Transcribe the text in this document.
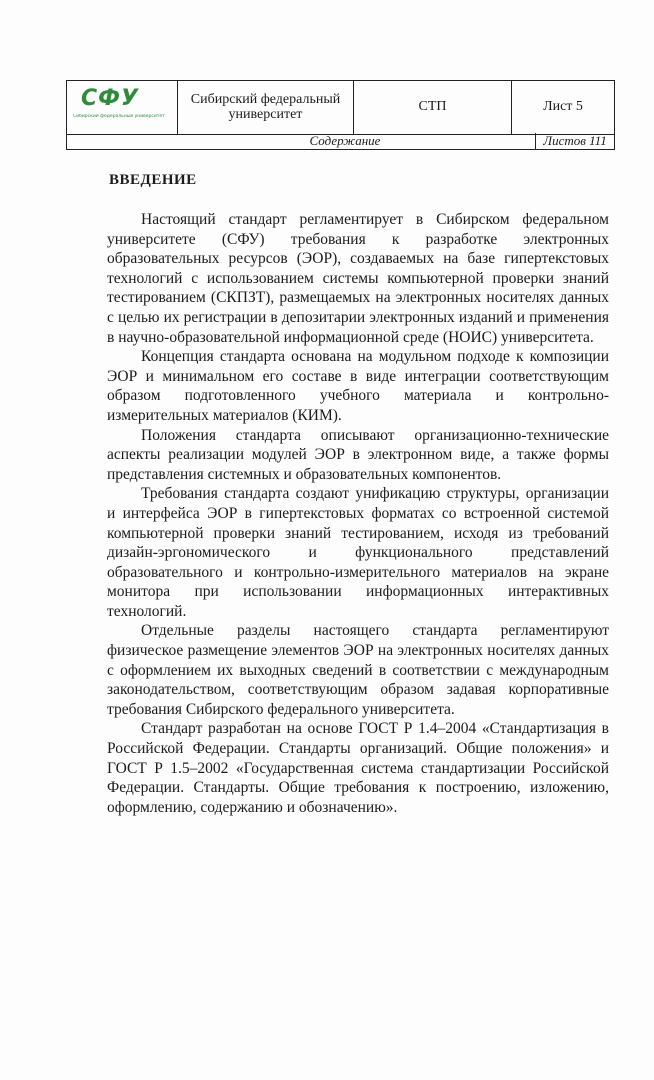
СФУ
Сибирский федеральный университет
Сибирский федеральный университет
СТП	Лист 5
Содержание	Листов 111
ВВЕДЕНИЕ

Настоящий стандарт регламентирует в Сибирском федеральном университете (СФУ) требования к разработке электронных образовательных ресурсов (ЭОР), создаваемых на базе гипертекстовых технологий с использованием системы компьютерной проверки знаний тестированием (СКПЗТ), размещаемых на электронных носителях данных с целью их регистрации в депозитарии электронных изданий и применения в научно-образовательной информационной среде (НОИС) университета.

Концепция стандарта основана на модульном подходе к композиции ЭОР и минимальном его составе в виде интеграции соответствующим образом подготовленного учебного материала и контрольно-измерительных материалов (КИМ).

Положения стандарта описывают организационно-технические аспекты реализации модулей ЭОР в электронном виде, а также формы представления системных и образовательных компонентов.

Требования стандарта создают унификацию структуры, организации и интерфейса ЭОР в гипертекстовых форматах со встроенной системой компьютерной проверки знаний тестированием, исходя из требований дизайн-эргономического и функционального представлений образовательного и контрольно-измерительного материалов на экране монитора при использовании информационных интерактивных технологий.

Отдельные разделы настоящего стандарта регламентируют физическое размещение элементов ЭОР на электронных носителях данных с оформлением их выходных сведений в соответствии с международным законодательством, соответствующим образом задавая корпоративные требования Сибирского федерального университета.

Стандарт разработан на основе ГОСТ Р 1.4–2004 «Стандартизация в Российской Федерации. Стандарты организаций. Общие положения» и ГОСТ Р 1.5–2002 «Государственная система стандартизации Российской Федерации. Стандарты. Общие требования к построению, изложению, оформлению, содержанию и обозначению».
